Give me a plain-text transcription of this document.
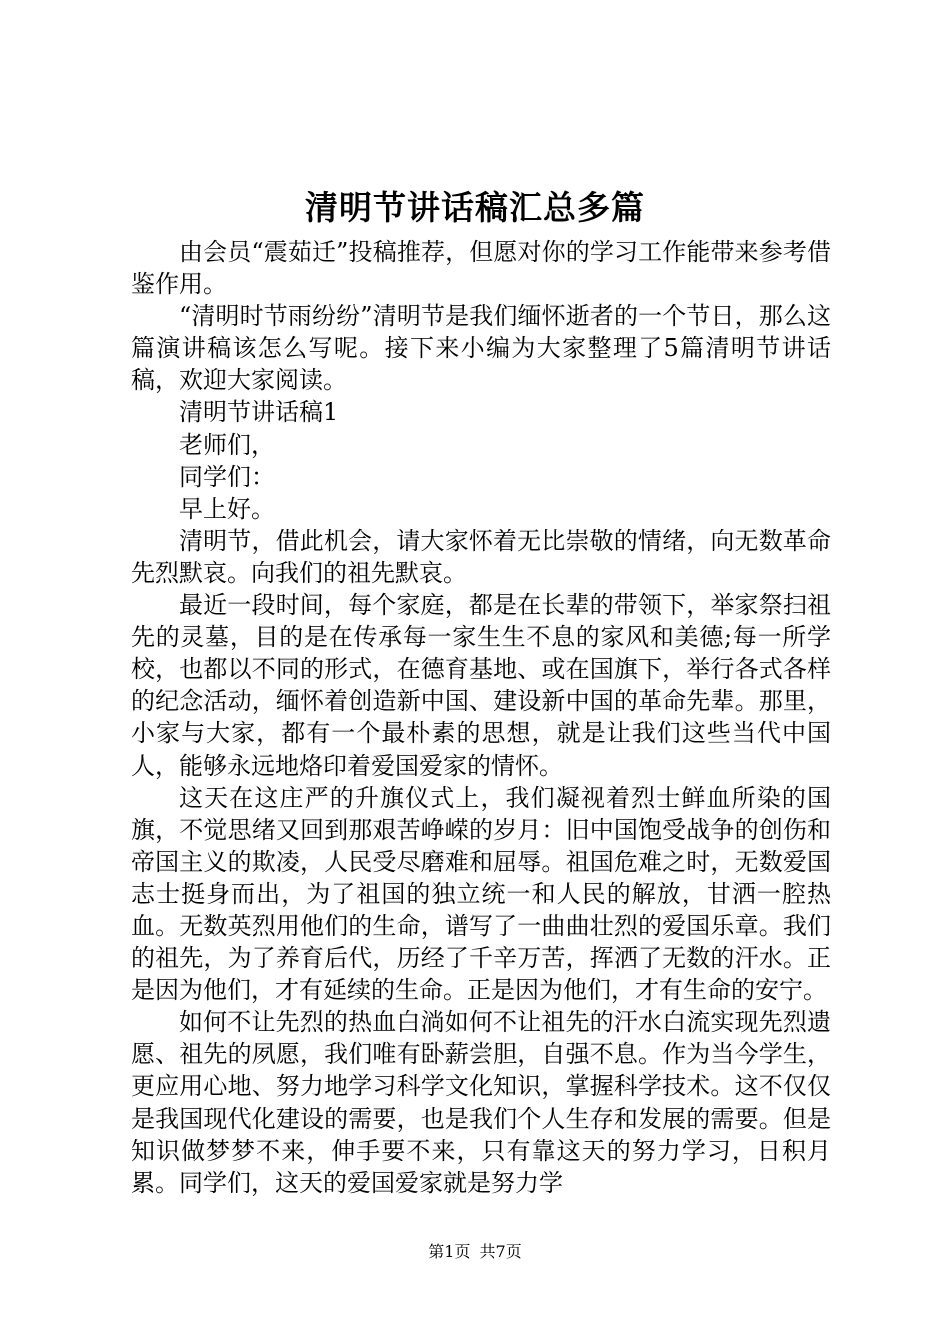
清明节讲话稿汇总多篇

由会员“震茹迁”投稿推荐，但愿对你的学习工作能带来参考借鉴作用。

“清明时节雨纷纷”清明节是我们缅怀逝者的一个节日，那么这篇演讲稿该怎么写呢。接下来小编为大家整理了5篇清明节讲话稿，欢迎大家阅读。

清明节讲话稿1

老师们，

同学们：

早上好。

清明节，借此机会，请大家怀着无比崇敬的情绪，向无数革命先烈默哀。向我们的祖先默哀。

最近一段时间，每个家庭，都是在长辈的带领下，举家祭扫祖先的灵墓，目的是在传承每一家生生不息的家风和美德;每一所学校，也都以不同的形式，在德育基地、或在国旗下，举行各式各样的纪念活动，缅怀着创造新中国、建设新中国的革命先辈。那里，小家与大家，都有一个最朴素的思想，就是让我们这些当代中国人，能够永远地烙印着爱国爱家的情怀。

这天在这庄严的升旗仪式上，我们凝视着烈士鲜血所染的国旗，不觉思绪又回到那艰苦峥嵘的岁月：旧中国饱受战争的创伤和帝国主义的欺凌，人民受尽磨难和屈辱。祖国危难之时，无数爱国志士挺身而出，为了祖国的独立统一和人民的解放，甘洒一腔热血。无数英烈用他们的生命，谱写了一曲曲壮烈的爱国乐章。我们的祖先，为了养育后代，历经了千辛万苦，挥洒了无数的汗水。正是因为他们，才有延续的生命。正是因为他们，才有生命的安宁。

如何不让先烈的热血白淌如何不让祖先的汗水白流实现先烈遗愿、祖先的夙愿，我们唯有卧薪尝胆，自强不息。作为当今学生，更应用心地、努力地学习科学文化知识，掌握科学技术。这不仅仅是我国现代化建设的需要，也是我们个人生存和发展的需要。但是知识做梦梦不来，伸手要不来，只有靠这天的努力学习，日积月累。同学们，这天的爱国爱家就是努力学

第1页 共7页
